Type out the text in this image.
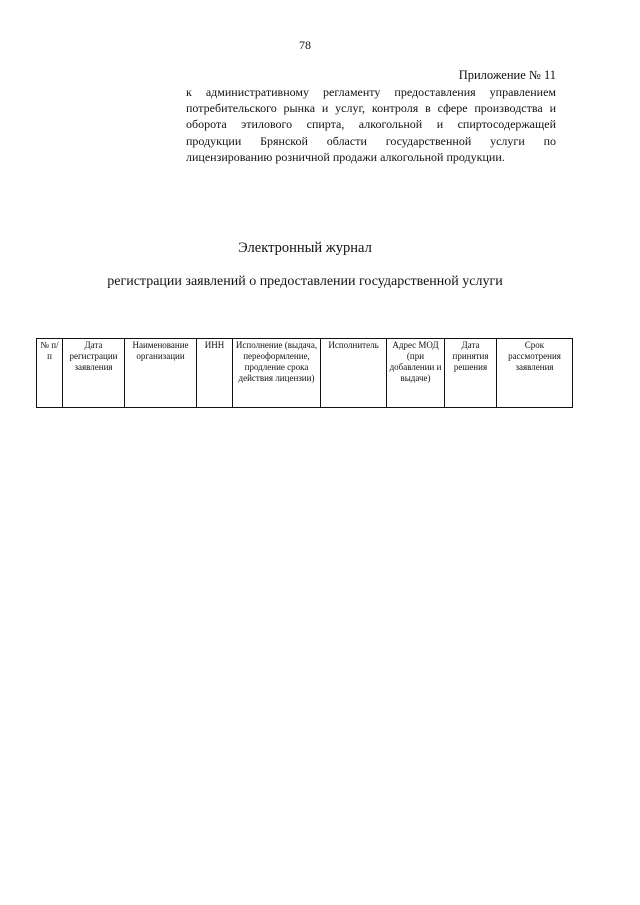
78
Приложение № 11
к административному регламенту предоставления управлением потребительского рынка и услуг, контроля в сфере производства и оборота этилового спирта, алкогольной и спиртосодержащей продукции Брянской области государственной услуги по лицензированию розничной продажи алкогольной продукции.
Электронный журнал
регистрации заявлений о предоставлении государственной услуги
№ п/п	Дата регистрации заявления	Наименование организации	ИНН	Исполнение (выдача, переоформление, продление срока действия лицензии)	Исполнитель	Адрес МОД (при добавлении и выдаче)	Дата принятия решения	Срок рассмотрения заявления
